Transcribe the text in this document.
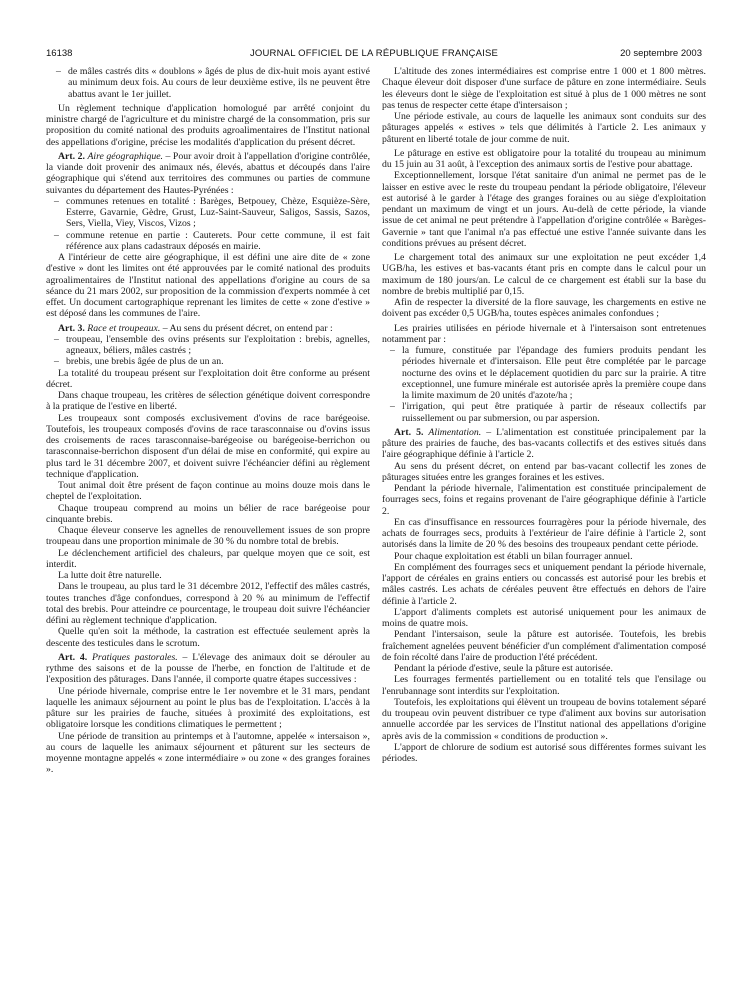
16138	JOURNAL OFFICIEL DE LA RÉPUBLIQUE FRANÇAISE	20 septembre 2003
– de mâles castrés dits « doublons » âgés de plus de dix-huit mois ayant estivé au minimum deux fois. Au cours de leur deuxième estive, ils ne peuvent être abattus avant le 1er juillet.

Un règlement technique d'application homologué par arrêté conjoint du ministre chargé de l'agriculture et du ministre chargé de la consommation, pris sur proposition du comité national des produits agroalimentaires de l'Institut national des appellations d'origine, précise les modalités d'application du présent décret.

Art. 2. Aire géographique. – Pour avoir droit à l'appellation d'origine contrôlée, la viande doit provenir des animaux nés, élevés, abattus et découpés dans l'aire géographique qui s'étend aux territoires des communes ou parties de commune suivantes du département des Hautes-Pyrénées :

– communes retenues en totalité : Barèges, Betpouey, Chèze, Esquièze-Sère, Esterre, Gavarnie, Gèdre, Grust, Luz-Saint-Sauveur, Saligos, Sassis, Sazos, Sers, Viella, Viey, Viscos, Vizos ;
– commune retenue en partie : Cauterets. Pour cette commune, il est fait référence aux plans cadastraux déposés en mairie.

A l'intérieur de cette aire géographique, il est défini une aire dite de « zone d'estive » dont les limites ont été approuvées par le comité national des produits agroalimentaires de l'Institut national des appellations d'origine au cours de sa séance du 21 mars 2002, sur proposition de la commission d'experts nommée à cet effet. Un document cartographique reprenant les limites de cette « zone d'estive » est déposé dans les communes de l'aire.

Art. 3. Race et troupeaux. – Au sens du présent décret, on entend par :

– troupeau, l'ensemble des ovins présents sur l'exploitation : brebis, agnelles, agneaux, béliers, mâles castrés ;
– brebis, une brebis âgée de plus de un an.

La totalité du troupeau présent sur l'exploitation doit être conforme au présent décret.

Dans chaque troupeau, les critères de sélection génétique doivent correspondre à la pratique de l'estive en liberté.

Les troupeaux sont composés exclusivement d'ovins de race barégeoise. Toutefois, les troupeaux composés d'ovins de race tarasconnaise ou d'ovins issus des croisements de races tarasconnaise-barégeoise ou barégeoise-berrichon ou tarasconnaise-berrichon disposent d'un délai de mise en conformité, qui expire au plus tard le 31 décembre 2007, et doivent suivre l'échéancier défini au règlement technique d'application.

Tout animal doit être présent de façon continue au moins douze mois dans le cheptel de l'exploitation.

Chaque troupeau comprend au moins un bélier de race barégeoise pour cinquante brebis.

Chaque éleveur conserve les agnelles de renouvellement issues de son propre troupeau dans une proportion minimale de 30 % du nombre total de brebis.

Le déclenchement artificiel des chaleurs, par quelque moyen que ce soit, est interdit.

La lutte doit être naturelle.

Dans le troupeau, au plus tard le 31 décembre 2012, l'effectif des mâles castrés, toutes tranches d'âge confondues, correspond à 20 % au minimum de l'effectif total des brebis. Pour atteindre ce pourcentage, le troupeau doit suivre l'échéancier défini au règlement technique d'application.

Quelle qu'en soit la méthode, la castration est effectuée seulement après la descente des testicules dans le scrotum.

Art. 4. Pratiques pastorales. – L'élevage des animaux doit se dérouler au rythme des saisons et de la pousse de l'herbe, en fonction de l'altitude et de l'exposition des pâturages. Dans l'année, il comporte quatre étapes successives :

Une période hivernale, comprise entre le 1er novembre et le 31 mars, pendant laquelle les animaux séjournent au point le plus bas de l'exploitation. L'accès à la pâture sur les prairies de fauche, situées à proximité des exploitations, est obligatoire lorsque les conditions climatiques le permettent ;

Une période de transition au printemps et à l'automne, appelée « intersaison », au cours de laquelle les animaux séjournent et pâturent sur les secteurs de moyenne montagne appelés « zone intermédiaire » ou zone « des granges foraines ».

L'altitude des zones intermédiaires est comprise entre 1 000 et 1 800 mètres. Chaque éleveur doit disposer d'une surface de pâture en zone intermédiaire. Seuls les éleveurs dont le siège de l'exploitation est situé à plus de 1 000 mètres ne sont pas tenus de respecter cette étape d'intersaison ;

Une période estivale, au cours de laquelle les animaux sont conduits sur des pâturages appelés « estives » tels que délimités à l'article 2. Les animaux y pâturent en liberté totale de jour comme de nuit.

Le pâturage en estive est obligatoire pour la totalité du troupeau au minimum du 15 juin au 31 août, à l'exception des animaux sortis de l'estive pour abattage.

Exceptionnellement, lorsque l'état sanitaire d'un animal ne permet pas de le laisser en estive avec le reste du troupeau pendant la période obligatoire, l'éleveur est autorisé à le garder à l'étage des granges foraines ou au siège d'exploitation pendant un maximum de vingt et un jours. Au-delà de cette période, la viande issue de cet animal ne peut prétendre à l'appellation d'origine contrôlée « Barèges-Gavernie » tant que l'animal n'a pas effectué une estive l'année suivante dans les conditions prévues au présent décret.

Le chargement total des animaux sur une exploitation ne peut excéder 1,4 UGB/ha, les estives et bas-vacants étant pris en compte dans le calcul pour un maximum de 180 jours/an. Le calcul de ce chargement est établi sur la base du nombre de brebis multiplié par 0,15.

Afin de respecter la diversité de la flore sauvage, les chargements en estive ne doivent pas excéder 0,5 UGB/ha, toutes espèces animales confondues ;

Les prairies utilisées en période hivernale et à l'intersaison sont entretenues notamment par :

– la fumure, constituée par l'épandage des fumiers produits pendant les périodes hivernale et d'intersaison. Elle peut être complétée par le parcage nocturne des ovins et le déplacement quotidien du parc sur la prairie. A titre exceptionnel, une fumure minérale est autorisée après la première coupe dans la limite maximum de 20 unités d'azote/ha ;
– l'irrigation, qui peut être pratiquée à partir de réseaux collectifs par ruissellement ou par submersion, ou par aspersion.

Art. 5. Alimentation. – L'alimentation est constituée principalement par la pâture des prairies de fauche, des bas-vacants collectifs et des estives situés dans l'aire géographique définie à l'article 2.

Au sens du présent décret, on entend par bas-vacant collectif les zones de pâturages situées entre les granges foraines et les estives.

Pendant la période hivernale, l'alimentation est constituée principalement de fourrages secs, foins et regains provenant de l'aire géographique définie à l'article 2.

En cas d'insuffisance en ressources fourragères pour la période hivernale, des achats de fourrages secs, produits à l'extérieur de l'aire définie à l'article 2, sont autorisés dans la limite de 20 % des besoins des troupeaux pendant cette période.

Pour chaque exploitation est établi un bilan fourrager annuel.

En complément des fourrages secs et uniquement pendant la période hivernale, l'apport de céréales en grains entiers ou concassés est autorisé pour les brebis et mâles castrés. Les achats de céréales peuvent être effectués en dehors de l'aire définie à l'article 2.

L'apport d'aliments complets est autorisé uniquement pour les animaux de moins de quatre mois.

Pendant l'intersaison, seule la pâture est autorisée. Toutefois, les brebis fraîchement agnelées peuvent bénéficier d'un complément d'alimentation composé de foin récolté dans l'aire de production l'été précédent.

Pendant la période d'estive, seule la pâture est autorisée.

Les fourrages fermentés partiellement ou en totalité tels que l'ensilage ou l'enrubannage sont interdits sur l'exploitation.

Toutefois, les exploitations qui élèvent un troupeau de bovins totalement séparé du troupeau ovin peuvent distribuer ce type d'aliment aux bovins sur autorisation annuelle accordée par les services de l'Institut national des appellations d'origine après avis de la commission « conditions de production ».

L'apport de chlorure de sodium est autorisé sous différentes formes suivant les périodes.
